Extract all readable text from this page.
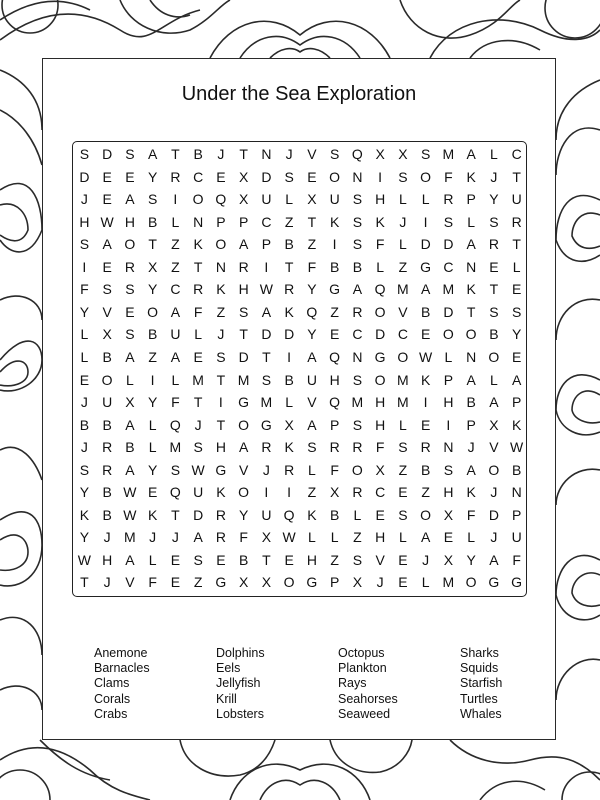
Under the Sea Exploration
S D S A T B	J	T N	J	V S Q X X S M A	L C
D E E Y R C E X D S E O N	I	S O F K	J	T
J	E A S	I	O Q X U L	X U S H L	L R P Y U
H W H B	L N P P C Z	T K S K	J	I	S	L	S R
S A O T	Z K O A P B Z	I	S F	L D D A R T
I	E R X Z	T N R	I	T	F B B	L	Z G C N E	L
F S S Y C R K H W R Y G A Q M A M K T E
Y V E O A F	Z S A K Q Z R O V B D T S S
L	X S B U L	J	T D D Y E C D C E O O B Y
L	B A Z A E S D T	I	A Q N G O W L N O E
E O L	I	L M T M S B U H S O M K P A	L	A
J	U X Y F	T	I	G M L	V Q M H M	I	H B A P
B B A	L Q J	T O G X A P S H L	E	I	P X K
J	R B	L M S H A R K S R R F S R N	J	V W
S R A Y S W G V	J	R L	F O X Z B S A O B
Y B W E Q U K O	I	I	Z X R C E Z H K	J	N
K B W K T D R Y U Q K B	L	E S O X F D P
Y	J M J	J	A R F X W L	L	Z H L	A E	L	J	U
W H A	L	E S E B T E H Z S V E	J	X Y A F
T	J	V F E Z G X X O G P X	J	E	L M O G G
Anemone
Barnacles
Clams
Corals
Crabs
Dolphins
Eels
Jellyfish
Krill
Lobsters
Octopus
Plankton
Rays
Seahorses
Seaweed
Sharks
Squids
Starfish
Turtles
Whales
